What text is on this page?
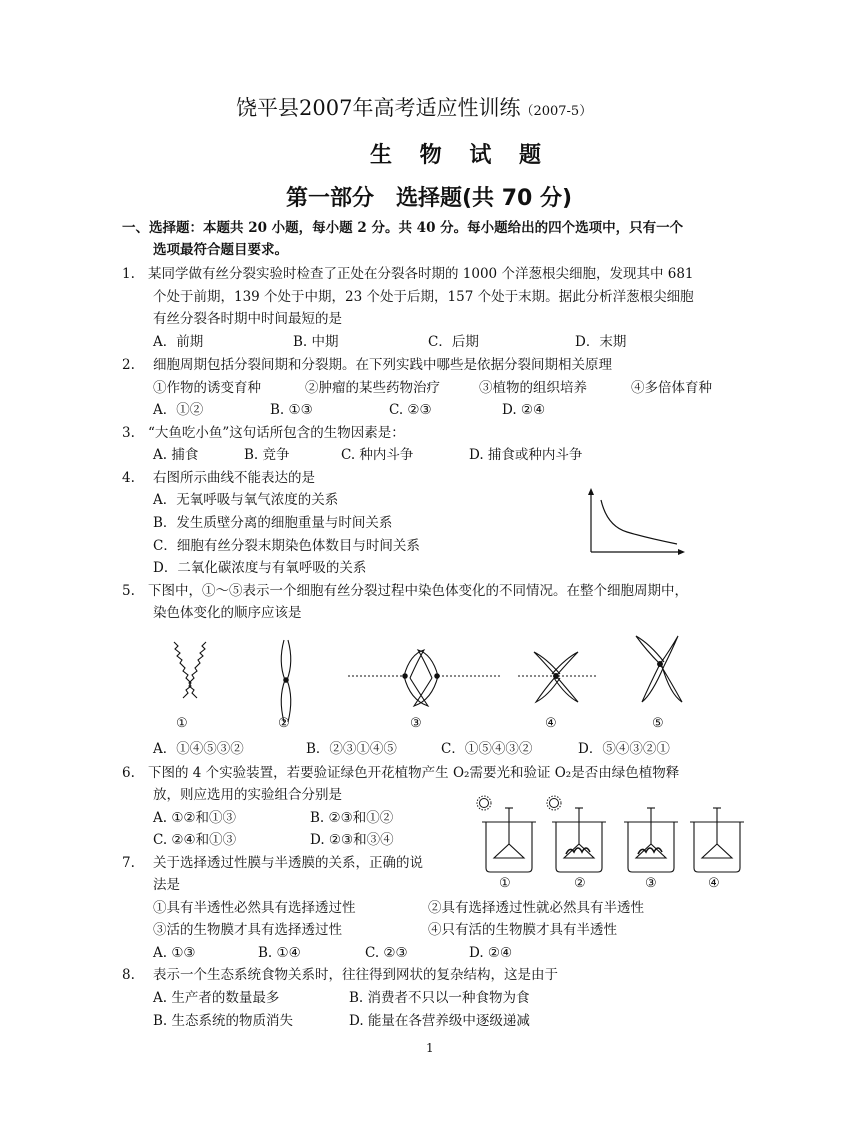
饶平县2007年高考适应性训练（2007-5）
生 物 试 题
第一部分　选择题(共 70 分)
一、选择题：本题共 20 小题，每小题 2 分。共 40 分。每小题给出的四个选项中，只有一个
选项最符合题目要求。
1. 某同学做有丝分裂实验时检查了正处在分裂各时期的 1000 个洋葱根尖细胞，发现其中 681
个处于前期，139 个处于中期，23 个处于后期，157 个处于末期。据此分析洋葱根尖细胞
有丝分裂各时期中时间最短的是
A．前期	B. 中期	C．后期	D．末期
2. 细胞周期包括分裂间期和分裂期。在下列实践中哪些是依据分裂间期相关原理
①作物的诱变育种	②肿瘤的某些药物治疗	③植物的组织培养	④多倍体育种
A．①②	B. ①③	C. ②③	D. ②④
3. “大鱼吃小鱼”这句话所包含的生物因素是：
A. 捕食	B. 竞争	C. 种内斗争	D. 捕食或种内斗争
4. 右图所示曲线不能表达的是
A．无氧呼吸与氧气浓度的关系
B．发生质壁分离的细胞重量与时间关系
C．细胞有丝分裂末期染色体数目与时间关系
D．二氧化碳浓度与有氧呼吸的关系
5. 下图中，①～⑤表示一个细胞有丝分裂过程中染色体变化的不同情况。在整个细胞周期中，
染色体变化的顺序应该是
①	②	③	④	⑤
A．①④⑤③②	B．②③①④⑤	C．①⑤④③②	D．⑤④③②①
6. 下图的 4 个实验装置，若要验证绿色开花植物产生 O₂需要光和验证 O₂是否由绿色植物释
放，则应选用的实验组合分别是
A. ①②和①③	B. ②③和①②
C. ②④和①③	D. ②③和③④
①	②	③	④
7. 关于选择透过性膜与半透膜的关系，正确的说
法是
①具有半透性必然具有选择透过性	②具有选择透过性就必然具有半透性
③活的生物膜才具有选择透过性	④只有活的生物膜才具有半透性
A. ①③	B. ①④	C. ②③	D. ②④
8. 表示一个生态系统食物关系时，往往得到网状的复杂结构，这是由于
A. 生产者的数量最多	B. 消费者不只以一种食物为食
B. 生态系统的物质消失	D. 能量在各营养级中逐级递减
1
